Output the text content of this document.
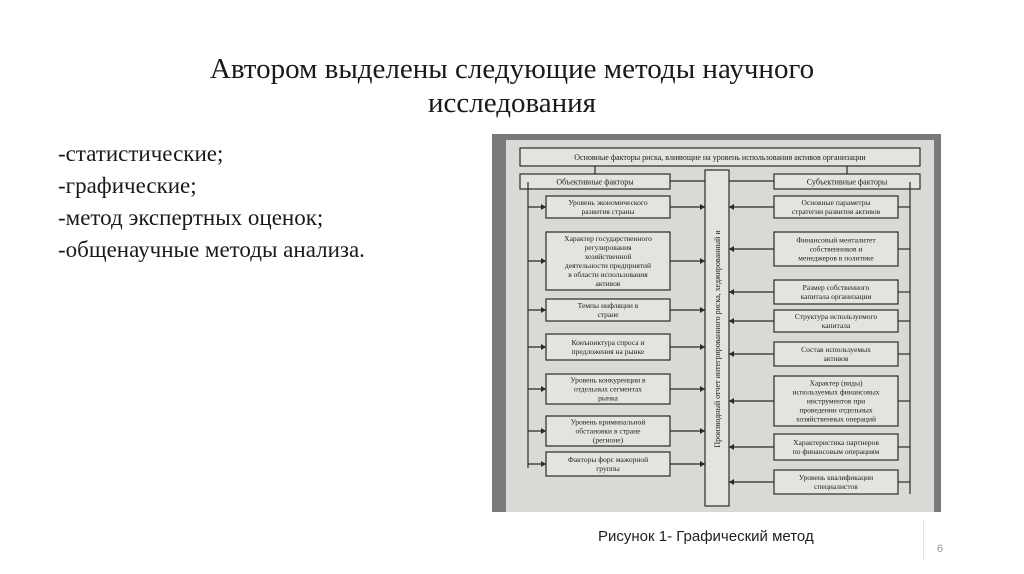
Автором выделены следующие методы научного
исследования
-статистические;
-графические;
-метод экспертных оценок;
-общенаучные методы анализа.
Основные факторы риска, влияющие на уровень использования активов организации
Объективные факторы	Субъективные факторы
Производный отчет интегрированного риска, хеджированный и
Уровень экономического
развития страны
Характер государственного
регулирования
хозяйственной
деятельности предприятий
в области использования
активов
Темпы инфляции в
стране
Конъюнктура спроса и
предложения на рынке
Уровень конкуренции в
отдельных сегментах
рынка
Уровень криминальной
обстановки в стране
(регионе)
Факторы форс мажорной
группы
Основные параметры
стратегии развития активов
Финансовый менталитет
собственников и
менеджеров в политике
Размер собственного
капитала организации
Структура используемого
капитала
Состав используемых
активов
Характер (виды)
используемых финансовых
инструментов при
проведении отдельных
хозяйственных операций
Характеристика партнеров
по финансовым операциям
Уровень квалификации
специалистов
Рисунок 1- Графический метод
6
